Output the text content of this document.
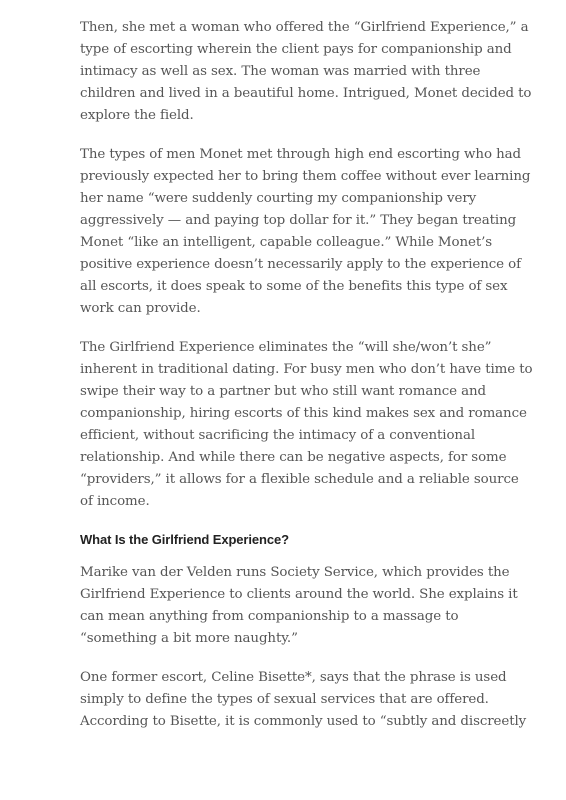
Then, she met a woman who offered the “Girlfriend Experience,” a
type of escorting wherein the client pays for companionship and
intimacy as well as sex. The woman was married with three
children and lived in a beautiful home. Intrigued, Monet decided to
explore the field.

The types of men Monet met through high end escorting who had
previously expected her to bring them coffee without ever learning
her name “were suddenly courting my companionship very
aggressively — and paying top dollar for it.” They began treating
Monet “like an intelligent, capable colleague.” While Monet’s
positive experience doesn’t necessarily apply to the experience of
all escorts, it does speak to some of the benefits this type of sex
work can provide.

The Girlfriend Experience eliminates the “will she/won’t she”
inherent in traditional dating. For busy men who don’t have time to
swipe their way to a partner but who still want romance and
companionship, hiring escorts of this kind makes sex and romance
efficient, without sacrificing the intimacy of a conventional
relationship. And while there can be negative aspects, for some
“providers,” it allows for a flexible schedule and a reliable source
of income.

What Is the Girlfriend Experience?

Marike van der Velden runs Society Service, which provides the
Girlfriend Experience to clients around the world. She explains it
can mean anything from companionship to a massage to
“something a bit more naughty.”

One former escort, Celine Bisette*, says that the phrase is used
simply to define the types of sexual services that are offered.
According to Bisette, it is commonly used to “subtly and discreetly
